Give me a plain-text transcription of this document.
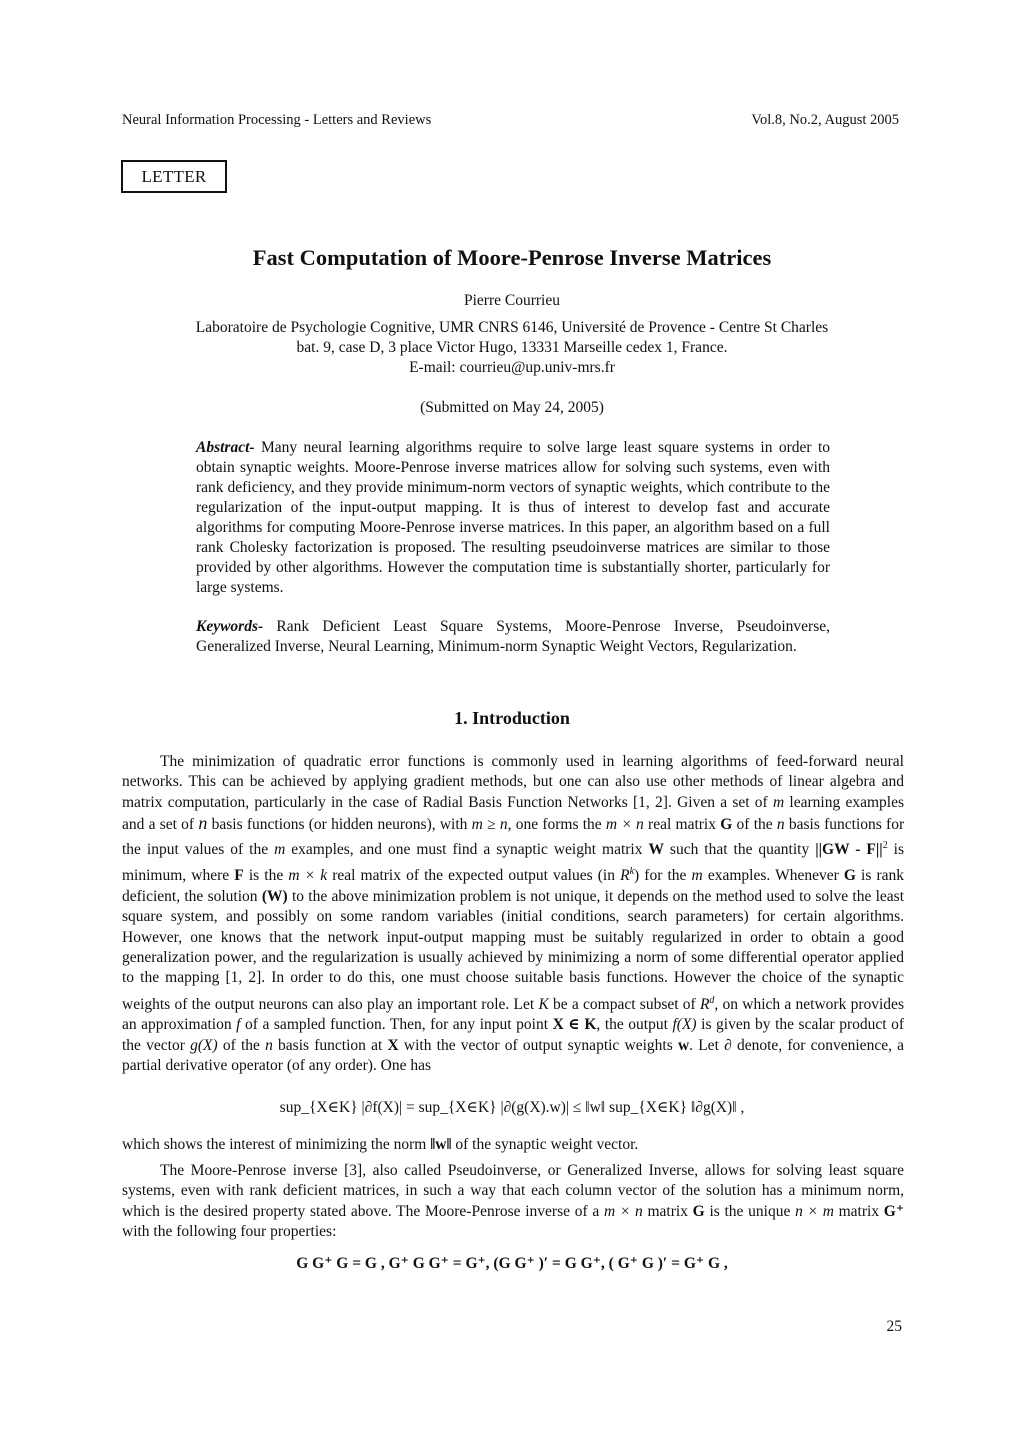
Neural Information Processing - Letters and Reviews	Vol.8, No.2, August 2005
LETTER
Fast Computation of Moore-Penrose Inverse Matrices
Pierre Courrieu
Laboratoire de Psychologie Cognitive, UMR CNRS 6146, Université de Provence - Centre St Charles
bat. 9, case D, 3 place Victor Hugo, 13331 Marseille cedex 1, France.
E-mail: courrieu@up.univ-mrs.fr
(Submitted on May 24, 2005)
Abstract- Many neural learning algorithms require to solve large least square systems in order to obtain synaptic weights. Moore-Penrose inverse matrices allow for solving such systems, even with rank deficiency, and they provide minimum-norm vectors of synaptic weights, which contribute to the regularization of the input-output mapping. It is thus of interest to develop fast and accurate algorithms for computing Moore-Penrose inverse matrices. In this paper, an algorithm based on a full rank Cholesky factorization is proposed. The resulting pseudoinverse matrices are similar to those provided by other algorithms. However the computation time is substantially shorter, particularly for large systems.
Keywords- Rank Deficient Least Square Systems, Moore-Penrose Inverse, Pseudoinverse, Generalized Inverse, Neural Learning, Minimum-norm Synaptic Weight Vectors, Regularization.
1. Introduction

The minimization of quadratic error functions is commonly used in learning algorithms of feed-forward neural networks. This can be achieved by applying gradient methods, but one can also use other methods of linear algebra and matrix computation, particularly in the case of Radial Basis Function Networks [1, 2]. Given a set of m learning examples and a set of n basis functions (or hidden neurons), with m ≥ n, one forms the m × n real matrix G of the n basis functions for the input values of the m examples, and one must find a synaptic weight matrix W such that the quantity $||GW - F||^2$ is minimum, where F is the m × k real matrix of the expected output values (in $R^k$) for the m examples. Whenever G is rank deficient, the solution (W) to the above minimization problem is not unique, it depends on the method used to solve the least square system, and possibly on some random variables (initial conditions, search parameters) for certain algorithms. However, one knows that the network input-output mapping must be suitably regularized in order to obtain a good generalization power, and the regularization is usually achieved by minimizing a norm of some differential operator applied to the mapping [1, 2]. In order to do this, one must choose suitable basis functions. However the choice of the synaptic weights of the output neurons can also play an important role. Let K be a compact subset of $R^d$, on which a network provides an approximation f of a sampled function. Then, for any input point X ∈ K, the output f(X) is given by the scalar product of the vector g(X) of the n basis function at X with the vector of output synaptic weights w. Let ∂ denote, for convenience, a partial derivative operator (of any order). One has

sup_{X∈K} |∂f(X)| = sup_{X∈K} |∂(g(X).w)| ≤ ‖w‖ sup_{X∈K} ‖∂g(X)‖ ,
which shows the interest of minimizing the norm ‖w‖ of the synaptic weight vector.

The Moore-Penrose inverse [3], also called Pseudoinverse, or Generalized Inverse, allows for solving least square systems, even with rank deficient matrices, in such a way that each column vector of the solution has a minimum norm, which is the desired property stated above. The Moore-Penrose inverse of a m × n matrix G is the unique n × m matrix G⁺ with the following four properties:

G G⁺ G = G , G⁺ G G⁺ = G⁺, (G G⁺ )′ = G G⁺, ( G⁺ G )′ = G⁺ G ,
25
